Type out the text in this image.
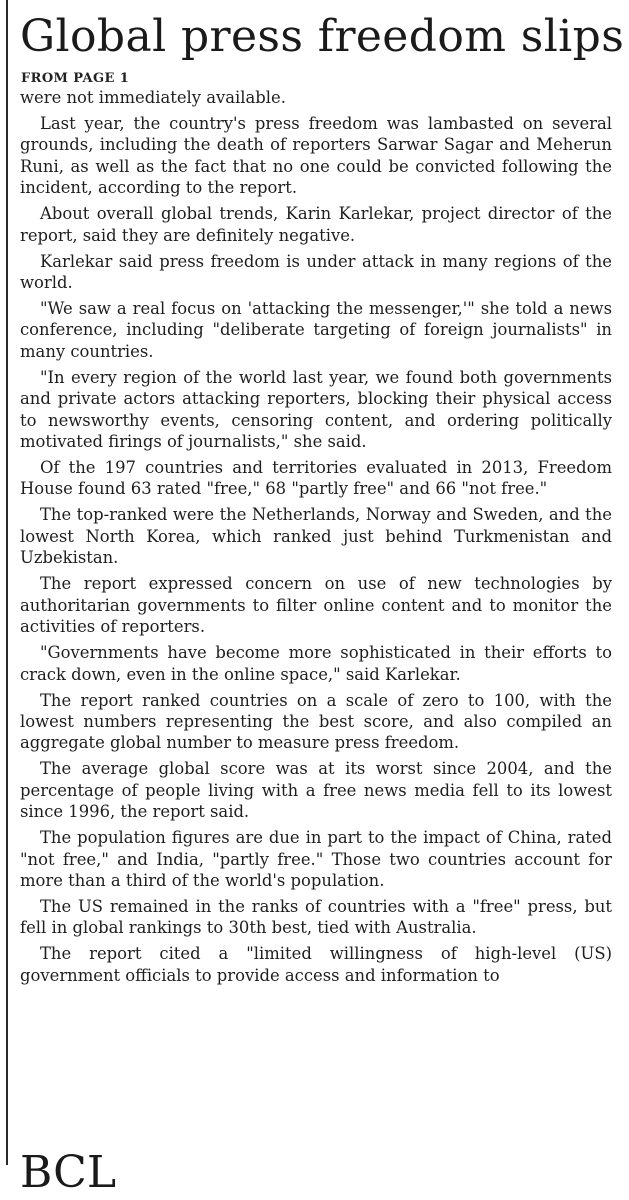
Global press freedom slips
FROM PAGE 1

were not immediately available.

Last year, the country's press freedom was lambasted on several grounds, including the death of reporters Sarwar Sagar and Meherun Runi, as well as the fact that no one could be convicted following the incident, according to the report.

About overall global trends, Karin Karlekar, project director of the report, said they are definitely negative.

Karlekar said press freedom is under attack in many regions of the world.

"We saw a real focus on 'attacking the messenger,'" she told a news conference, including "deliberate targeting of foreign journalists" in many countries.

"In every region of the world last year, we found both governments and private actors attacking reporters, blocking their physical access to newsworthy events, censoring content, and ordering politically motivated firings of journalists," she said.

Of the 197 countries and territories evaluated in 2013, Freedom House found 63 rated "free," 68 "partly free" and 66 "not free."

The top-ranked were the Netherlands, Norway and Sweden, and the lowest North Korea, which ranked just behind Turkmenistan and Uzbekistan.

The report expressed concern on use of new technologies by authoritarian governments to filter online content and to monitor the activities of reporters.

"Governments have become more sophisticated in their efforts to crack down, even in the online space," said Karlekar.

The report ranked countries on a scale of zero to 100, with the lowest numbers representing the best score, and also compiled an aggregate global number to measure press freedom.

The average global score was at its worst since 2004, and the percentage of people living with a free news media fell to its lowest since 1996, the report said.

The population figures are due in part to the impact of China, rated "not free," and India, "partly free." Those two countries account for more than a third of the world's population.

The US remained in the ranks of countries with a "free" press, but fell in global rankings to 30th best, tied with Australia.

The report cited a "limited willingness of high-level (US) government officials to provide access and information to

BCL
